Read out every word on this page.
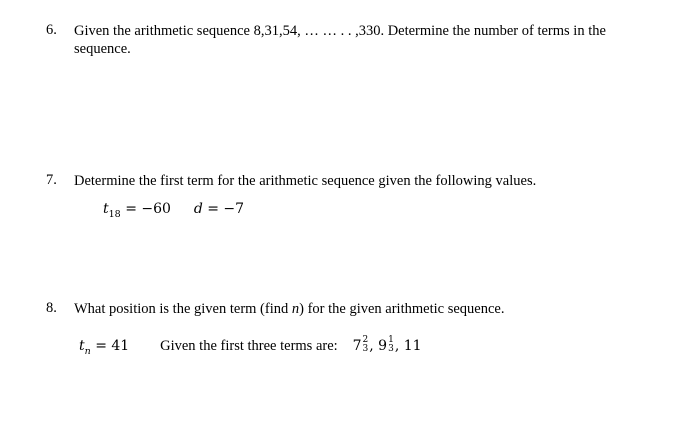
6. Given the arithmetic sequence 8,31,54, … … . . ,330. Determine the number of terms in the sequence.
7. Determine the first term for the arithmetic sequence given the following values.
$t_{18} = -60$ d = −7
8. What position is the given term (find n) for the given arithmetic sequence.
$t_n = 41$ Given the first three terms are: 7 2
3 , 9 1
3 , 11
